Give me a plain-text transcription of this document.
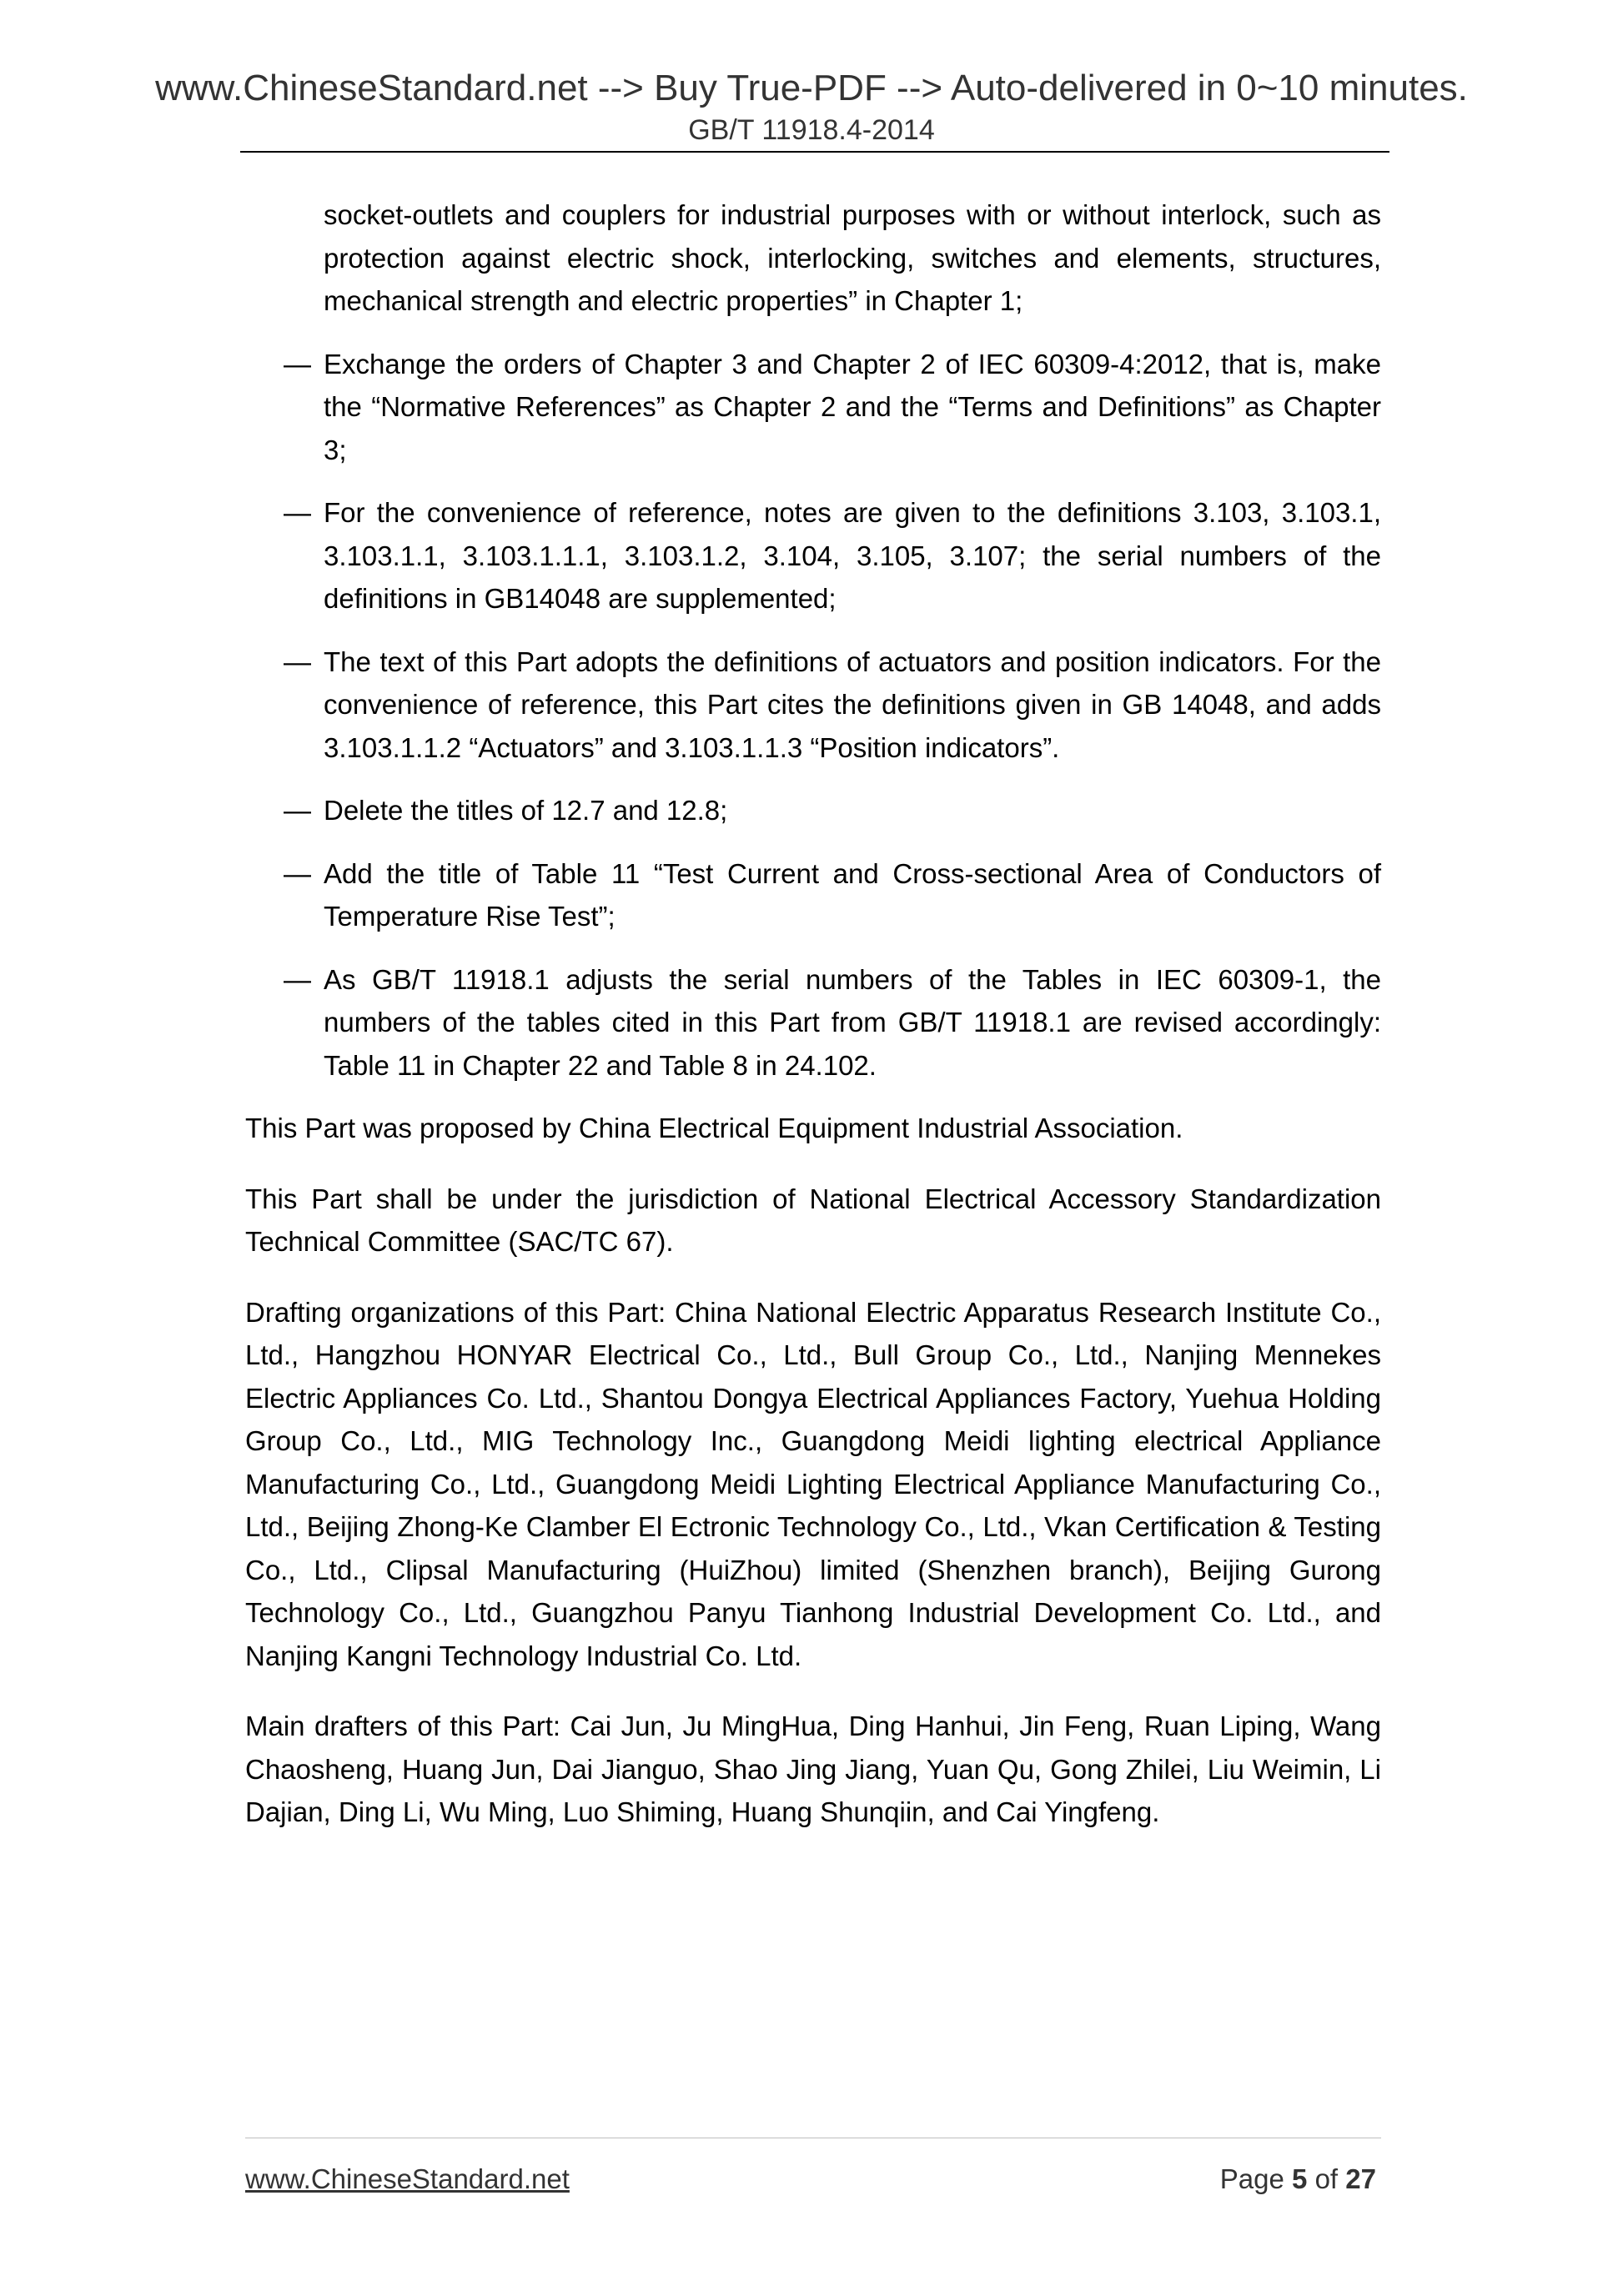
www.ChineseStandard.net --> Buy True-PDF --> Auto-delivered in 0~10 minutes.
GB/T 11918.4-2014
socket-outlets and couplers for industrial purposes with or without interlock, such as protection against electric shock, interlocking, switches and elements, structures, mechanical strength and electric properties” in Chapter 1;
— Exchange the orders of Chapter 3 and Chapter 2 of IEC 60309-4:2012, that is, make the “Normative References” as Chapter 2 and the “Terms and Definitions” as Chapter 3;
— For the convenience of reference, notes are given to the definitions 3.103, 3.103.1, 3.103.1.1, 3.103.1.1.1, 3.103.1.2, 3.104, 3.105, 3.107; the serial numbers of the definitions in GB14048 are supplemented;
— The text of this Part adopts the definitions of actuators and position indicators. For the convenience of reference, this Part cites the definitions given in GB 14048, and adds 3.103.1.1.2 “Actuators” and 3.103.1.1.3 “Position indicators”.
— Delete the titles of 12.7 and 12.8;
— Add the title of Table 11 “Test Current and Cross-sectional Area of Conductors of Temperature Rise Test”;
— As GB/T 11918.1 adjusts the serial numbers of the Tables in IEC 60309-1, the numbers of the tables cited in this Part from GB/T 11918.1 are revised accordingly: Table 11 in Chapter 22 and Table 8 in 24.102.

This Part was proposed by China Electrical Equipment Industrial Association.

This Part shall be under the jurisdiction of National Electrical Accessory Standardization Technical Committee (SAC/TC 67).

Drafting organizations of this Part: China National Electric Apparatus Research Institute Co., Ltd., Hangzhou HONYAR Electrical Co., Ltd., Bull Group Co., Ltd., Nanjing Mennekes Electric Appliances Co. Ltd., Shantou Dongya Electrical Appliances Factory, Yuehua Holding Group Co., Ltd., MIG Technology Inc., Guangdong Meidi lighting electrical Appliance Manufacturing Co., Ltd., Guangdong Meidi Lighting Electrical Appliance Manufacturing Co., Ltd., Beijing Zhong-Ke Clamber El Ectronic Technology Co., Ltd., Vkan Certification & Testing Co., Ltd., Clipsal Manufacturing (HuiZhou) limited (Shenzhen branch), Beijing Gurong Technology Co., Ltd., Guangzhou Panyu Tianhong Industrial Development Co. Ltd., and Nanjing Kangni Technology Industrial Co. Ltd.

Main drafters of this Part: Cai Jun, Ju MingHua, Ding Hanhui, Jin Feng, Ruan Liping, Wang Chaosheng, Huang Jun, Dai Jianguo, Shao Jing Jiang, Yuan Qu, Gong Zhilei, Liu Weimin, Li Dajian, Ding Li, Wu Ming, Luo Shiming, Huang Shunqiin, and Cai Yingfeng.

www.ChineseStandard.net	Page 5 of 27
